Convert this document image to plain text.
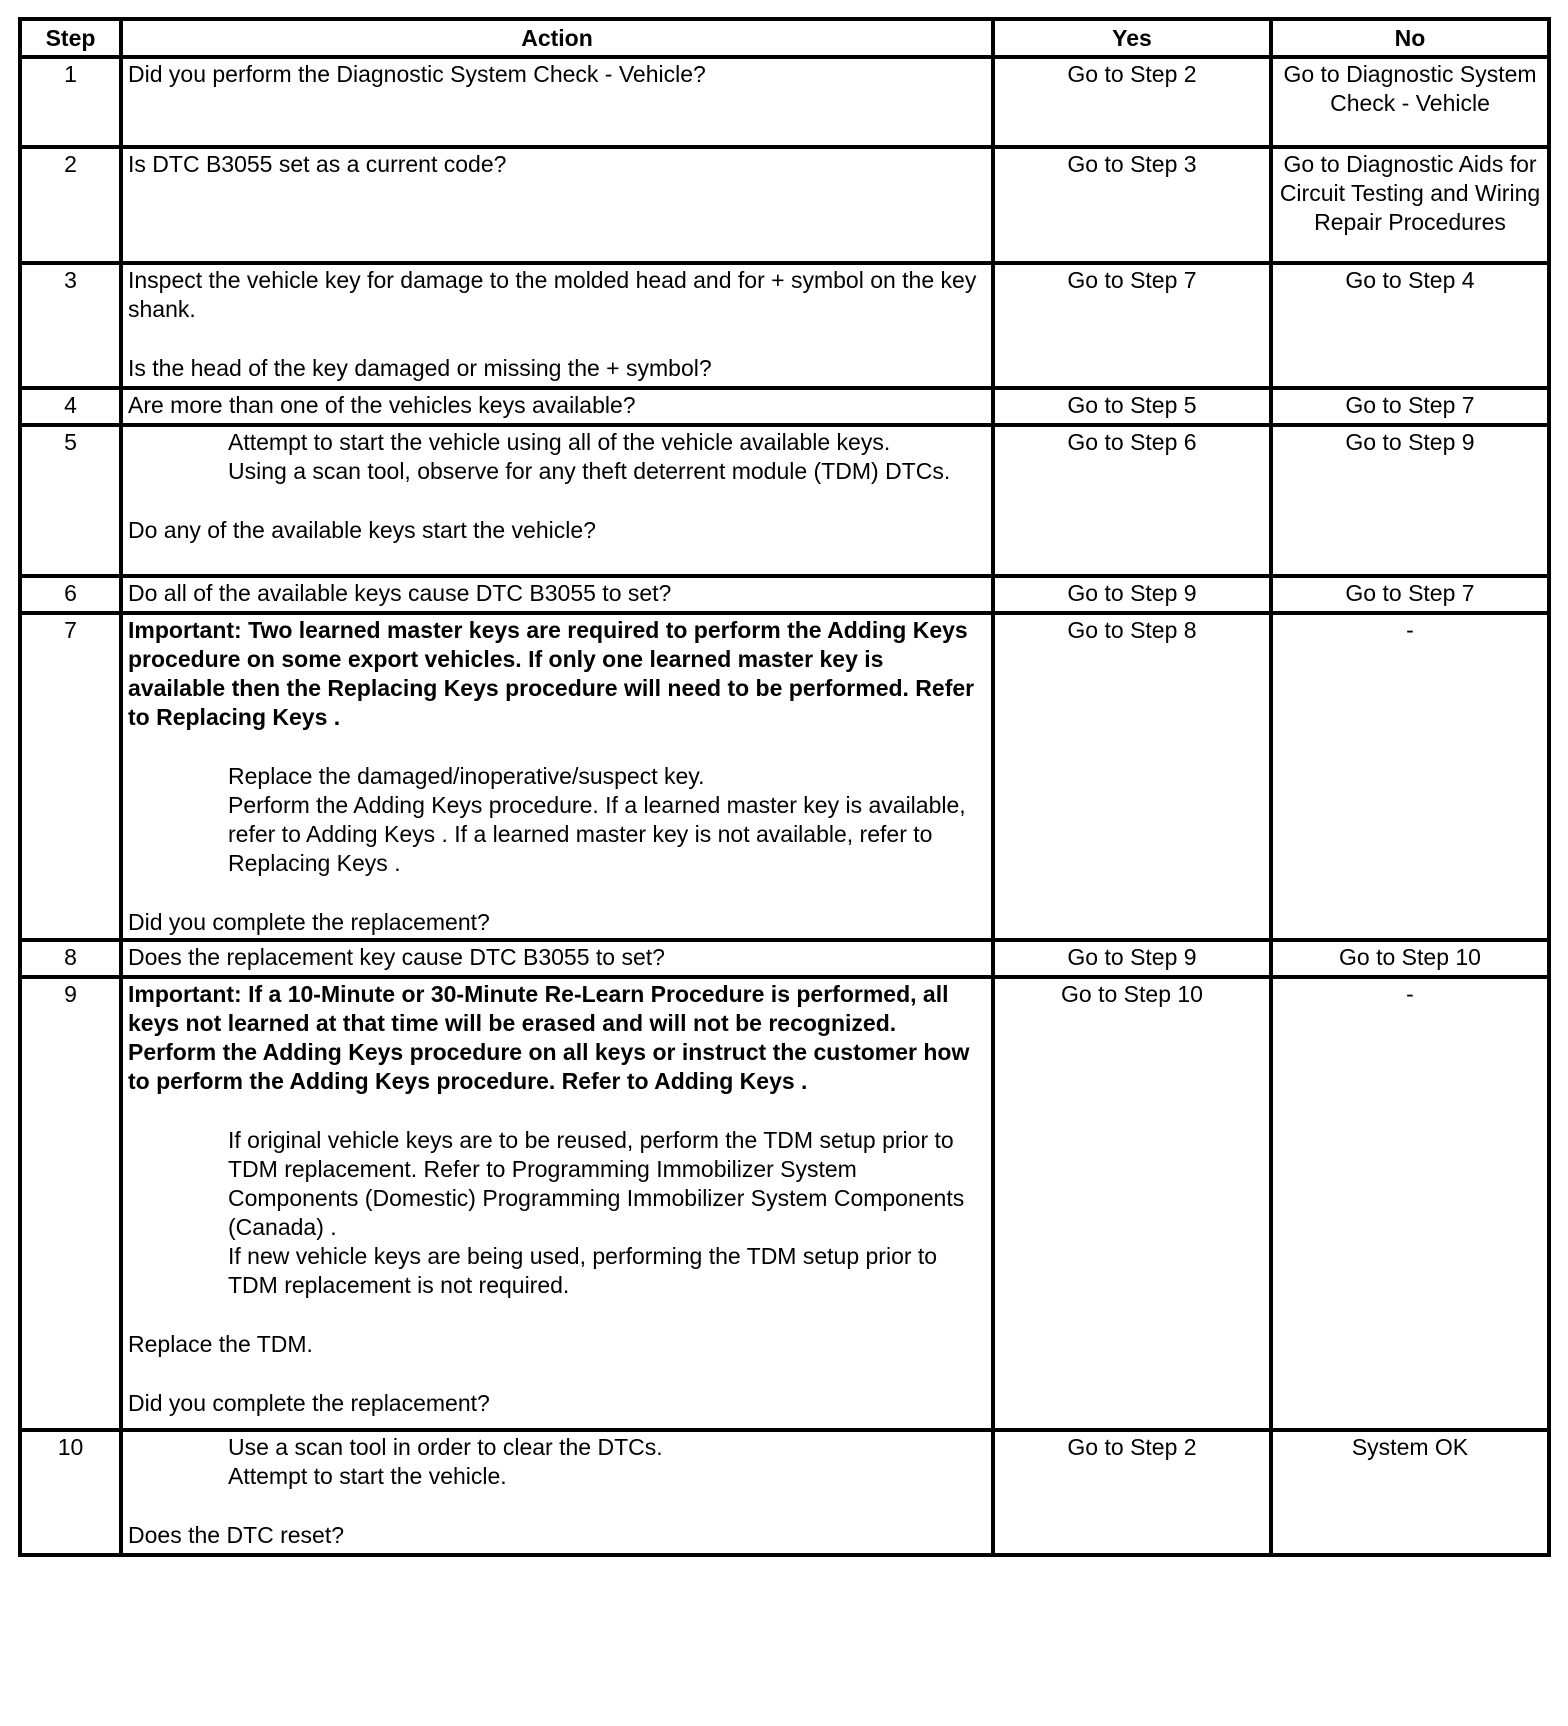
Step	Action	Yes	No
1	Did you perform the Diagnostic System Check - Vehicle?	Go to Step 2	Go to Diagnostic System Check - Vehicle
2	Is DTC B3055 set as a current code?	Go to Step 3	Go to Diagnostic Aids for Circuit Testing and Wiring Repair Procedures
3	Inspect the vehicle key for damage to the molded head and for + symbol on the key shank.

Is the head of the key damaged or missing the + symbol?	Go to Step 7	Go to Step 4
4	Are more than one of the vehicles keys available?	Go to Step 5	Go to Step 7
5	Attempt to start the vehicle using all of the vehicle available keys.
Using a scan tool, observe for any theft deterrent module (TDM) DTCs.

Do any of the available keys start the vehicle?	Go to Step 6	Go to Step 9
6	Do all of the available keys cause DTC B3055 to set?	Go to Step 9	Go to Step 7
7	Important: Two learned master keys are required to perform the Adding Keys procedure on some export vehicles. If only one learned master key is available then the Replacing Keys procedure will need to be performed. Refer to Replacing Keys .

Replace the damaged/inoperative/suspect key.
Perform the Adding Keys procedure. If a learned master key is available, refer to Adding Keys . If a learned master key is not available, refer to Replacing Keys .

Did you complete the replacement?	Go to Step 8	-
8	Does the replacement key cause DTC B3055 to set?	Go to Step 9	Go to Step 10
9	Important: If a 10-Minute or 30-Minute Re-Learn Procedure is performed, all keys not learned at that time will be erased and will not be recognized. Perform the Adding Keys procedure on all keys or instruct the customer how to perform the Adding Keys procedure. Refer to Adding Keys .

If original vehicle keys are to be reused, perform the TDM setup prior to TDM replacement. Refer to Programming Immobilizer System Components (Domestic) Programming Immobilizer System Components (Canada) .
If new vehicle keys are being used, performing the TDM setup prior to TDM replacement is not required.

Replace the TDM.

Did you complete the replacement?	Go to Step 10	-
10	Use a scan tool in order to clear the DTCs.
Attempt to start the vehicle.

Does the DTC reset?	Go to Step 2	System OK
